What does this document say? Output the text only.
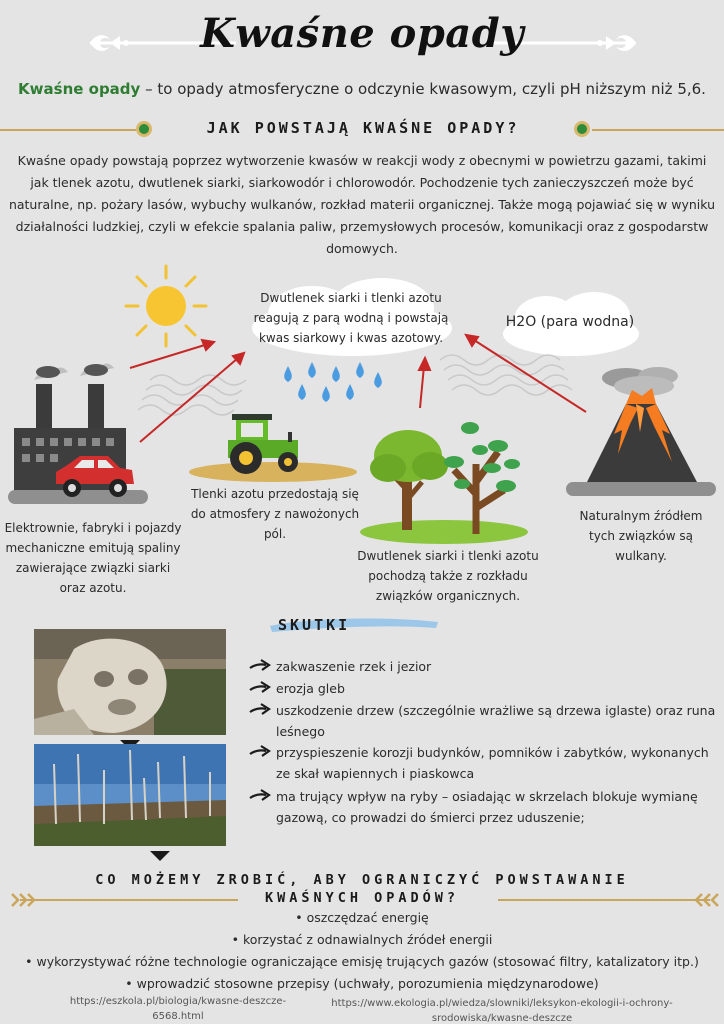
Kwaśne opady
Kwaśne opady – to opady atmosferyczne o odczynie kwasowym, czyli pH niższym niż 5,6.
JAK POWSTAJĄ KWAŚNE OPADY?
Kwaśne opady powstają poprzez wytworzenie kwasów w reakcji wody z obecnymi w powietrzu gazami, takimi jak tlenek azotu, dwutlenek siarki, siarkowodór i chlorowodór. Pochodzenie tych zanieczyszczeń może być naturalne, np. pożary lasów, wybuchy wulkanów, rozkład materii organicznej. Także mogą pojawiać się w wyniku działalności ludzkiej, czyli w efekcie spalania paliw, przemysłowych procesów, komunikacji oraz z gospodarstw domowych.
Dwutlenek siarki i tlenki azotu reagują z parą wodną i powstają kwas siarkowy i kwas azotowy.
H2O (para wodna)
Elektrownie, fabryki i pojazdy mechaniczne emitują spaliny zawierające związki siarki oraz azotu.
Tlenki azotu przedostają się do atmosfery z nawożonych pól.
Dwutlenek siarki i tlenki azotu pochodzą także z rozkładu związków organicznych.
Naturalnym źródłem tych związków są wulkany.
SKUTKI
zakwaszenie rzek i jezior
erozja gleb
uszkodzenie drzew (szczególnie wrażliwe są drzewa iglaste) oraz runa leśnego
przyspieszenie korozji budynków, pomników i zabytków, wykonanych ze skał wapiennych i piaskowca
ma trujący wpływ na ryby – osiadając w skrzelach blokuje wymianę gazową, co prowadzi do śmierci przez uduszenie;
CO MOŻEMY ZROBIĆ, ABY OGRANICZYĆ POWSTAWANIE
KWAŚNYCH OPADÓW?
• oszczędzać energię
• korzystać z odnawialnych źródeł energii
• wykorzystywać różne technologie ograniczające emisję trujących gazów (stosować filtry, katalizatory itp.)
• wprowadzić stosowne przepisy (uchwały, porozumienia międzynarodowe)
https://eszkola.pl/biologia/kwasne-deszcze-6568.html
https://www.ekologia.pl/wiedza/slowniki/leksykon-ekologii-i-ochrony-srodowiska/kwasne-deszcze
